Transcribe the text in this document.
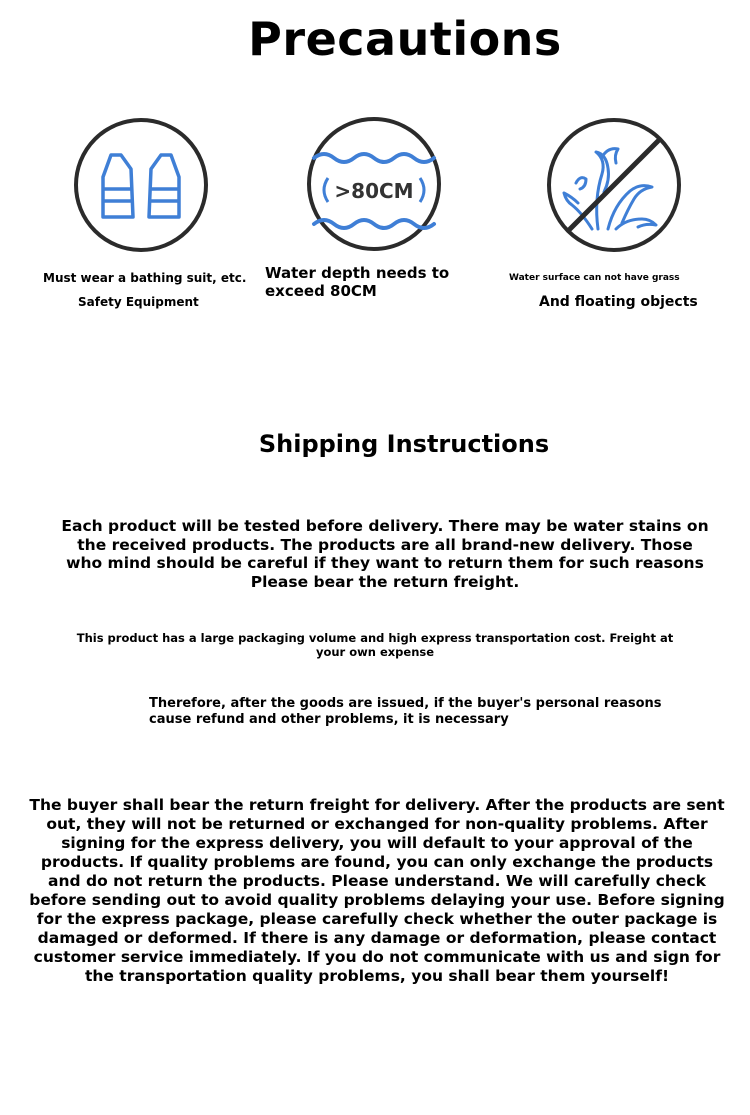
Precautions
Must wear a bathing suit, etc.
Safety Equipment
>80CM
Water depth needs to exceed 80CM
Water surface can not have grass
And floating objects
Shipping Instructions
Each product will be tested before delivery. There may be water stains on the received products. The products are all brand-new delivery. Those who mind should be careful if they want to return them for such reasons Please bear the return freight.
This product has a large packaging volume and high express transportation cost. Freight at your own expense
Therefore, after the goods are issued, if the buyer's personal reasons cause refund and other problems, it is necessary
The buyer shall bear the return freight for delivery. After the products are sent out, they will not be returned or exchanged for non-quality problems. After signing for the express delivery, you will default to your approval of the products. If quality problems are found, you can only exchange the products and do not return the products. Please understand. We will carefully check before sending out to avoid quality problems delaying your use. Before signing for the express package, please carefully check whether the outer package is damaged or deformed. If there is any damage or deformation, please contact customer service immediately. If you do not communicate with us and sign for the transportation quality problems, you shall bear them yourself!
